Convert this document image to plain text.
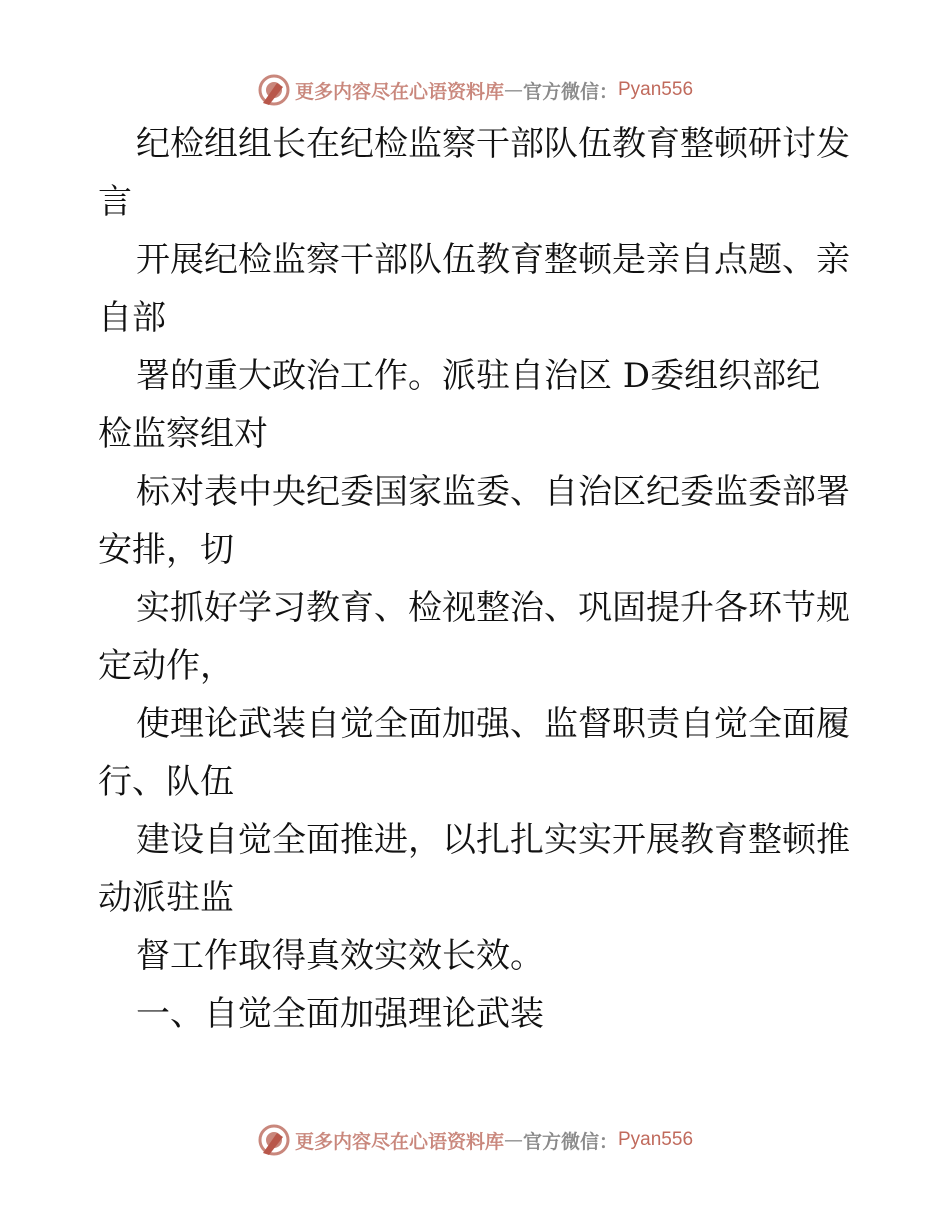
更多内容尽在心语资料库 — 官方微信： Pyan556

纪检组组长在纪检监察干部队伍教育整顿研讨发
言

开展纪检监察干部队伍教育整顿是亲自点题、亲
自部

署的重大政治工作。派驻自治区 D委组织部纪
检监察组对

标对表中央纪委国家监委、自治区纪委监委部署
安排，切

实抓好学习教育、检视整治、巩固提升各环节规
定动作，

使理论武装自觉全面加强、监督职责自觉全面履
行、队伍

建设自觉全面推进，以扎扎实实开展教育整顿推
动派驻监

督工作取得真效实效长效。

一、自觉全面加强理论武装

更多内容尽在心语资料库 — 官方微信： Pyan556
